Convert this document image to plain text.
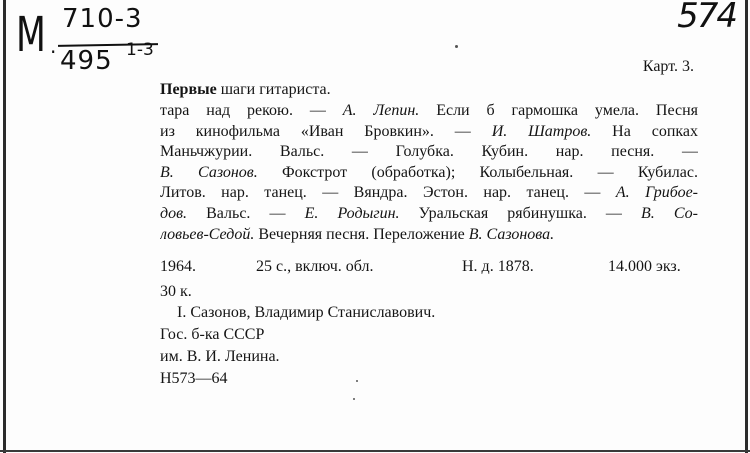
М ·
710-3
495 1-3
574
Карт. 3.
Первые шаги гитариста.
тара над рекою. — А. Лепин. Если б гармошка умела. Песня
из кинофильма «Иван Бровкин». — И. Шатров. На сопках
Маньчжурии. Вальс. — Голубка. Кубин. нар. песня. —
В. Сазонов. Фокстрот (обработка); Колыбельная. — Кубилас.
Литов. нар. танец. — Вяндра. Эстон. нар. танец. — А. Грибое-
дов. Вальс. — Е. Родыгин. Уральская рябинушка. — В. Со-
ловьев-Седой. Вечерняя песня. Переложение В. Сазонова.
1964.	25 с., включ. обл.	Н. д. 1878.	14.000 экз.
30 к.
I. Сазонов, Владимир Станиславович.
Гос. б-ка СССР
им. В. И. Ленина.
Н573—64
